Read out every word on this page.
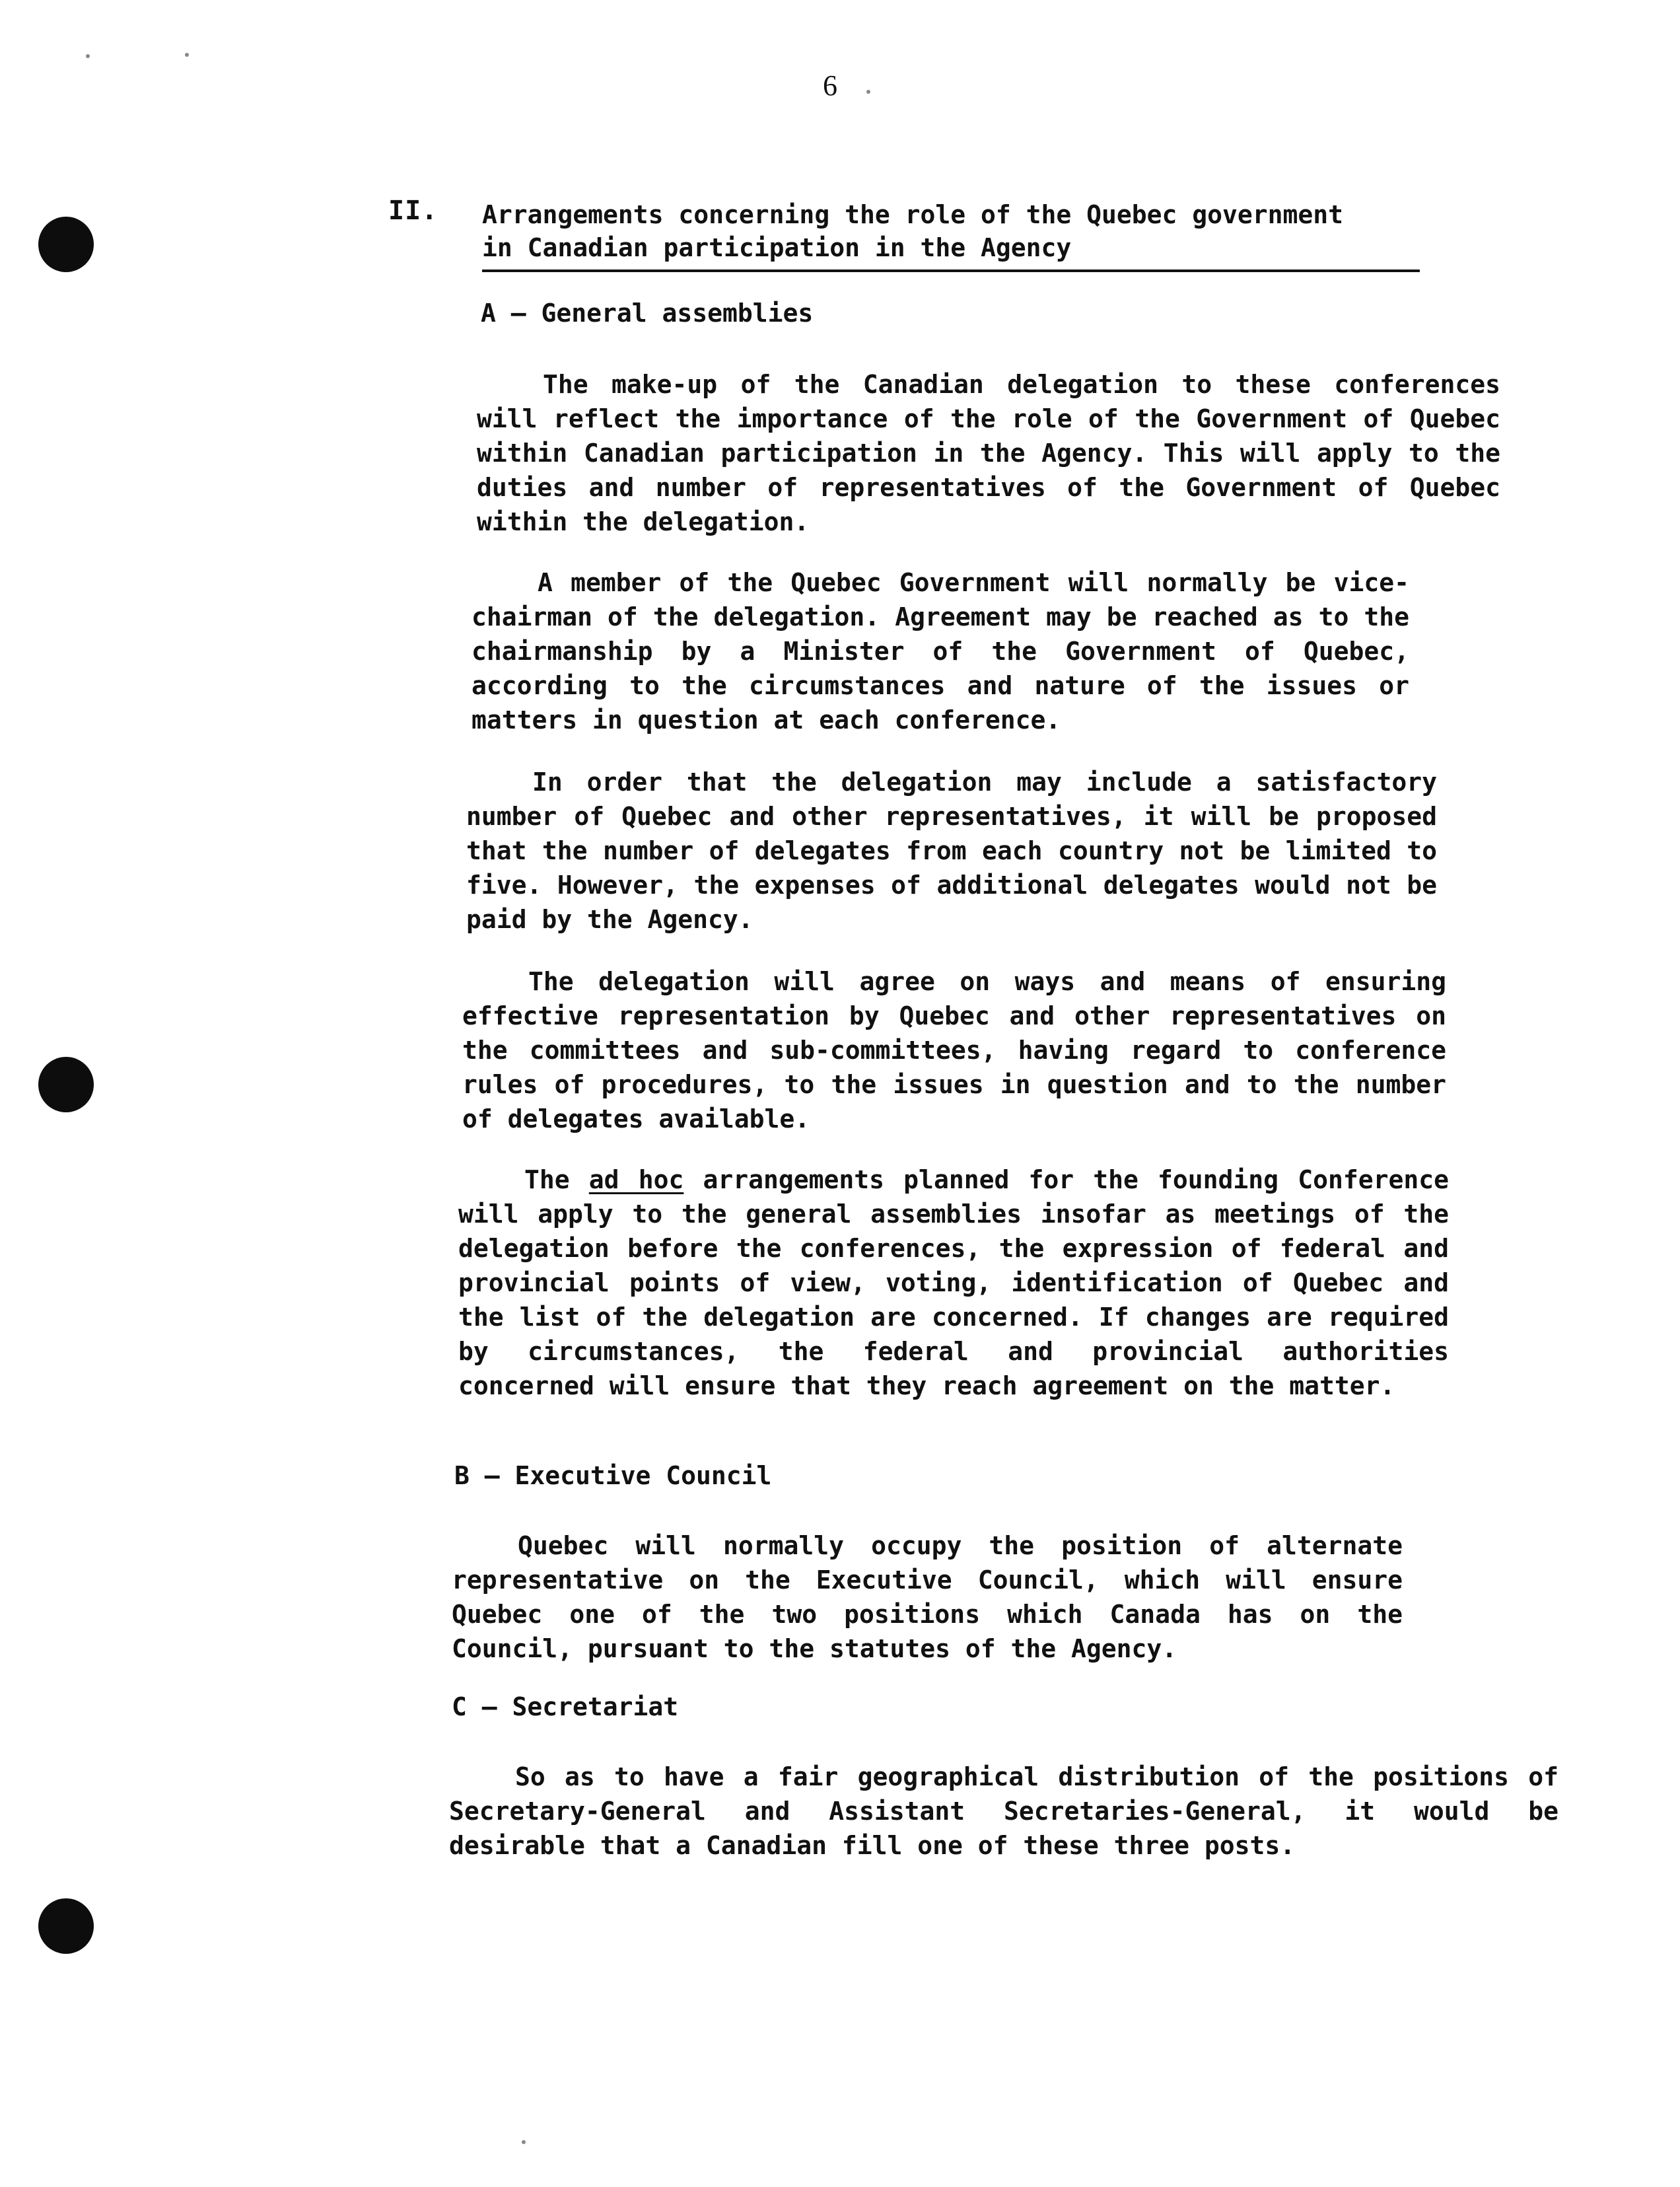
6
II. Arrangements concerning the role of the Quebec government
in Canadian participation in the Agency
A – General assemblies

The make-up of the Canadian delegation to these conferences will reflect the importance of the role of the Government of Quebec within Canadian participation in the Agency. This will apply to the duties and number of representatives of the Government of Quebec within the delegation.

A member of the Quebec Government will normally be vice-chairman of the delegation. Agreement may be reached as to the chairmanship by a Minister of the Government of Quebec, according to the circumstances and nature of the issues or matters in question at each conference.

In order that the delegation may include a satisfactory number of Quebec and other representatives, it will be proposed that the number of delegates from each country not be limited to five. However, the expenses of additional delegates would not be paid by the Agency.

The delegation will agree on ways and means of ensuring effective representation by Quebec and other representatives on the committees and sub-committees, having regard to conference rules of procedures, to the issues in question and to the number of delegates available.

The ad hoc arrangements planned for the founding Conference will apply to the general assemblies insofar as meetings of the delegation before the conferences, the expression of federal and provincial points of view, voting, identification of Quebec and the list of the delegation are concerned. If changes are required by circumstances, the federal and provincial authorities concerned will ensure that they reach agreement on the matter.

B – Executive Council

Quebec will normally occupy the position of alternate representative on the Executive Council, which will ensure Quebec one of the two positions which Canada has on the Council, pursuant to the statutes of the Agency.

C – Secretariat

So as to have a fair geographical distribution of the positions of Secretary-General and Assistant Secretaries-General, it would be desirable that a Canadian fill one of these three posts.
